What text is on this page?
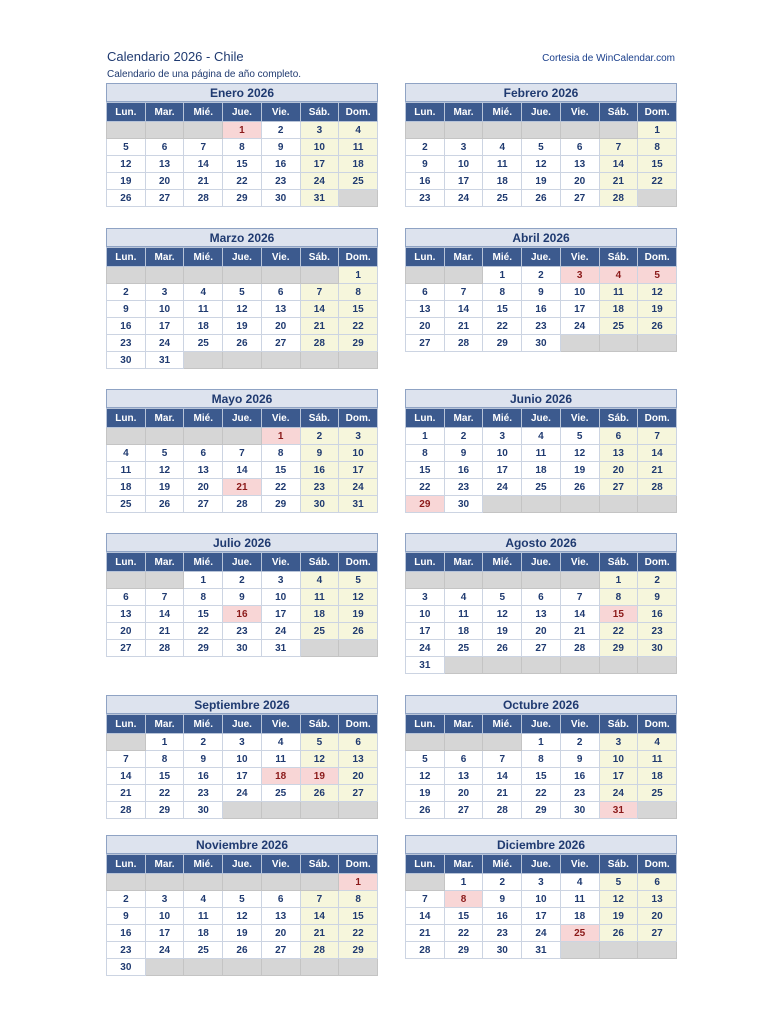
Calendario 2026 - Chile
Calendario de una página de año completo.
Cortesia de WinCalendar.com
Enero 2026
Lun.	Mar.	Mié.	Jue.	Vie.	Sáb.	Dom.
			1	2	3	4
5	6	7	8	9	10	11
12	13	14	15	16	17	18
19	20	21	22	23	24	25
26	27	28	29	30	31	
Febrero 2026
Lun.	Mar.	Mié.	Jue.	Vie.	Sáb.	Dom.
						1
2	3	4	5	6	7	8
9	10	11	12	13	14	15
16	17	18	19	20	21	22
23	24	25	26	27	28	
Marzo 2026
Lun.	Mar.	Mié.	Jue.	Vie.	Sáb.	Dom.
						1
2	3	4	5	6	7	8
9	10	11	12	13	14	15
16	17	18	19	20	21	22
23	24	25	26	27	28	29
30	31					
Abril 2026
Lun.	Mar.	Mié.	Jue.	Vie.	Sáb.	Dom.
		1	2	3	4	5
6	7	8	9	10	11	12
13	14	15	16	17	18	19
20	21	22	23	24	25	26
27	28	29	30			
Mayo 2026
Lun.	Mar.	Mié.	Jue.	Vie.	Sáb.	Dom.
				1	2	3
4	5	6	7	8	9	10
11	12	13	14	15	16	17
18	19	20	21	22	23	24
25	26	27	28	29	30	31
Junio 2026
Lun.	Mar.	Mié.	Jue.	Vie.	Sáb.	Dom.
1	2	3	4	5	6	7
8	9	10	11	12	13	14
15	16	17	18	19	20	21
22	23	24	25	26	27	28
29	30					
Julio 2026
Lun.	Mar.	Mié.	Jue.	Vie.	Sáb.	Dom.
		1	2	3	4	5
6	7	8	9	10	11	12
13	14	15	16	17	18	19
20	21	22	23	24	25	26
27	28	29	30	31		
Agosto 2026
Lun.	Mar.	Mié.	Jue.	Vie.	Sáb.	Dom.
					1	2
3	4	5	6	7	8	9
10	11	12	13	14	15	16
17	18	19	20	21	22	23
24	25	26	27	28	29	30
31						
Septiembre 2026
Lun.	Mar.	Mié.	Jue.	Vie.	Sáb.	Dom.
	1	2	3	4	5	6
7	8	9	10	11	12	13
14	15	16	17	18	19	20
21	22	23	24	25	26	27
28	29	30				
Octubre 2026
Lun.	Mar.	Mié.	Jue.	Vie.	Sáb.	Dom.
			1	2	3	4
5	6	7	8	9	10	11
12	13	14	15	16	17	18
19	20	21	22	23	24	25
26	27	28	29	30	31	
Noviembre 2026
Lun.	Mar.	Mié.	Jue.	Vie.	Sáb.	Dom.
						1
2	3	4	5	6	7	8
9	10	11	12	13	14	15
16	17	18	19	20	21	22
23	24	25	26	27	28	29
30						
Diciembre 2026
Lun.	Mar.	Mié.	Jue.	Vie.	Sáb.	Dom.
	1	2	3	4	5	6
7	8	9	10	11	12	13
14	15	16	17	18	19	20
21	22	23	24	25	26	27
28	29	30	31			
